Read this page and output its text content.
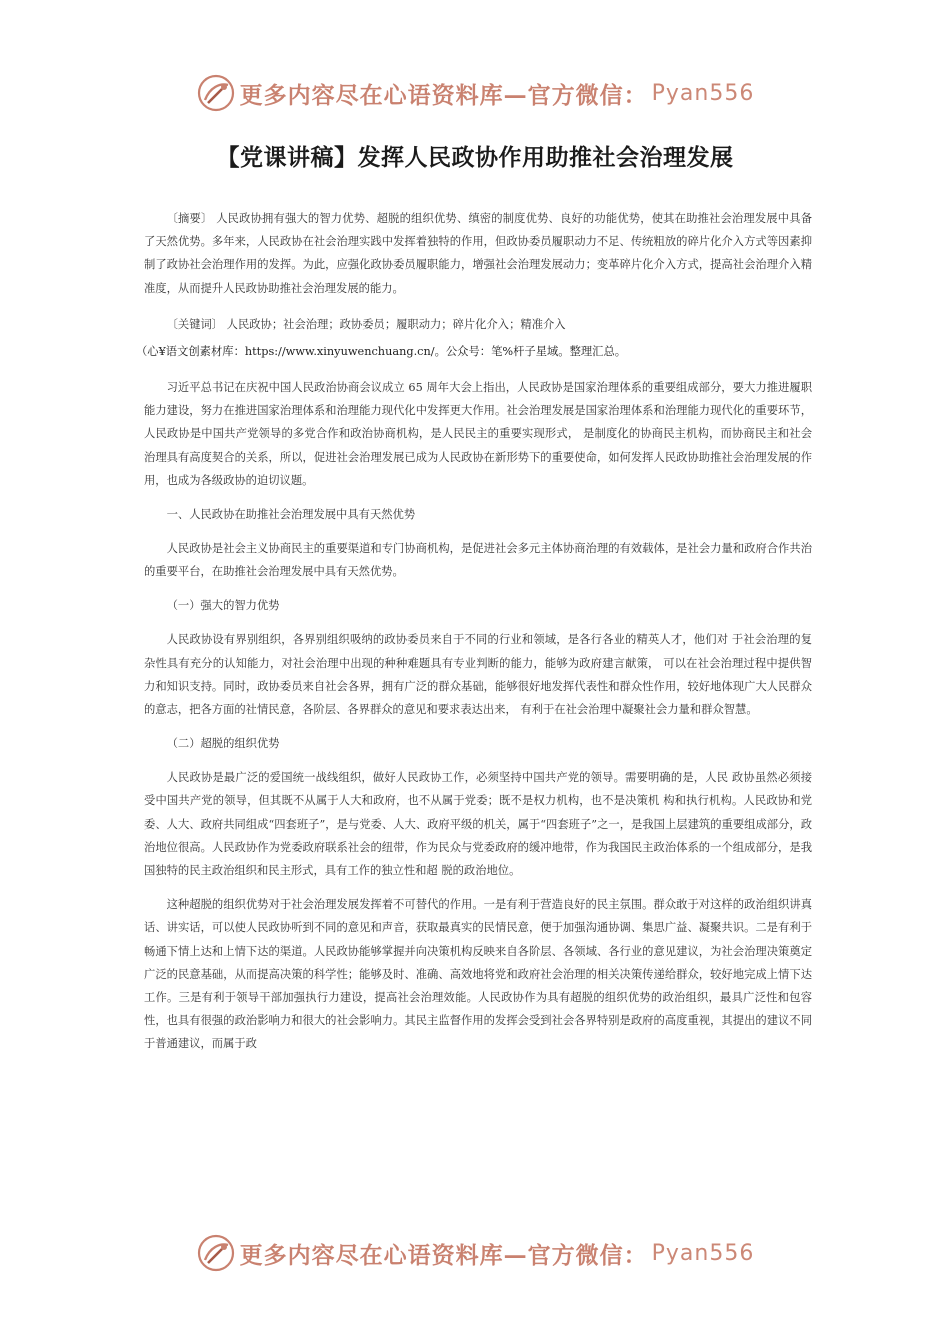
更多内容尽在心语资料库—官方微信： Pyan556
【党课讲稿】发挥人民政协作用助推社会治理发展

〔摘要〕 人民政协拥有强大的智力优势、超脱的组织优势、缜密的制度优势、良好的功能优势，使其在助推社会治理发展中具备了天然优势。多年来，人民政协在社会治理实践中发挥着独特的作用，但政协委员履职动力不足、传统粗放的碎片化介入方式等因素抑制了政协社会治理作用的发挥。为此，应强化政协委员履职能力，增强社会治理发展动力；变革碎片化介入方式，提高社会治理介入精准度，从而提升人民政协助推社会治理发展的能力。

〔关键词〕 人民政协；社会治理；政协委员；履职动力；碎片化介入；精准介入

（心¥语文创素材库：https://www.xinyuwenchuang.cn/。公众号：笔%杆子星域。整理汇总。

习近平总书记在庆祝中国人民政治协商会议成立 65 周年大会上指出，人民政协是国家治理体系的重要组成部分，要大力推进履职能力建设，努力在推进国家治理体系和治理能力现代化中发挥更大作用。社会治理发展是国家治理体系和治理能力现代化的重要环节，人民政协是中国共产党领导的多党合作和政治协商机构，是人民民主的重要实现形式， 是制度化的协商民主机构，而协商民主和社会治理具有高度契合的关系，所以，促进社会治理发展已成为人民政协在新形势下的重要使命，如何发挥人民政协助推社会治理发展的作用，也成为各级政协的迫切议题。

一、人民政协在助推社会治理发展中具有天然优势

人民政协是社会主义协商民主的重要渠道和专门协商机构，是促进社会多元主体协商治理的有效载体，是社会力量和政府合作共治的重要平台，在助推社会治理发展中具有天然优势。

（一）强大的智力优势

人民政协设有界别组织，各界别组织吸纳的政协委员来自于不同的行业和领域，是各行各业的精英人才，他们对 于社会治理的复杂性具有充分的认知能力，对社会治理中出现的种种难题具有专业判断的能力，能够为政府建言献策， 可以在社会治理过程中提供智力和知识支持。同时，政协委员来自社会各界，拥有广泛的群众基础，能够很好地发挥代表性和群众性作用，较好地体现广大人民群众的意志，把各方面的社情民意，各阶层、各界群众的意见和要求表达出来， 有利于在社会治理中凝聚社会力量和群众智慧。

（二）超脱的组织优势

人民政协是最广泛的爱国统一战线组织，做好人民政协工作，必须坚持中国共产党的领导。需要明确的是，人民 政协虽然必须接受中国共产党的领导，但其既不从属于人大和政府，也不从属于党委；既不是权力机构，也不是决策机 构和执行机构。人民政协和党委、人大、政府共同组成“四套班子”，是与党委、人大、政府平级的机关，属于“四套班子”之一，是我国上层建筑的重要组成部分，政治地位很高。人民政协作为党委政府联系社会的纽带，作为民众与党委政府的缓冲地带，作为我国民主政治体系的一个组成部分，是我国独特的民主政治组织和民主形式，具有工作的独立性和超 脱的政治地位。

这种超脱的组织优势对于社会治理发展发挥着不可替代的作用。一是有利于营造良好的民主氛围。群众敢于对这样的政治组织讲真话、讲实话，可以使人民政协听到不同的意见和声音，获取最真实的民情民意，便于加强沟通协调、集思广益、凝聚共识。二是有利于畅通下情上达和上情下达的渠道。人民政协能够掌握并向决策机构反映来自各阶层、各领域、各行业的意见建议，为社会治理决策奠定广泛的民意基础，从而提高决策的科学性；能够及时、准确、高效地将党和政府社会治理的相关决策传递给群众，较好地完成上情下达工作。三是有利于领导干部加强执行力建设，提高社会治理效能。人民政协作为具有超脱的组织优势的政治组织，最具广泛性和包容性，也具有很强的政治影响力和很大的社会影响力。其民主监督作用的发挥会受到社会各界特别是政府的高度重视，其提出的建议不同于普通建议，而属于政

更多内容尽在心语资料库—官方微信： Pyan556
